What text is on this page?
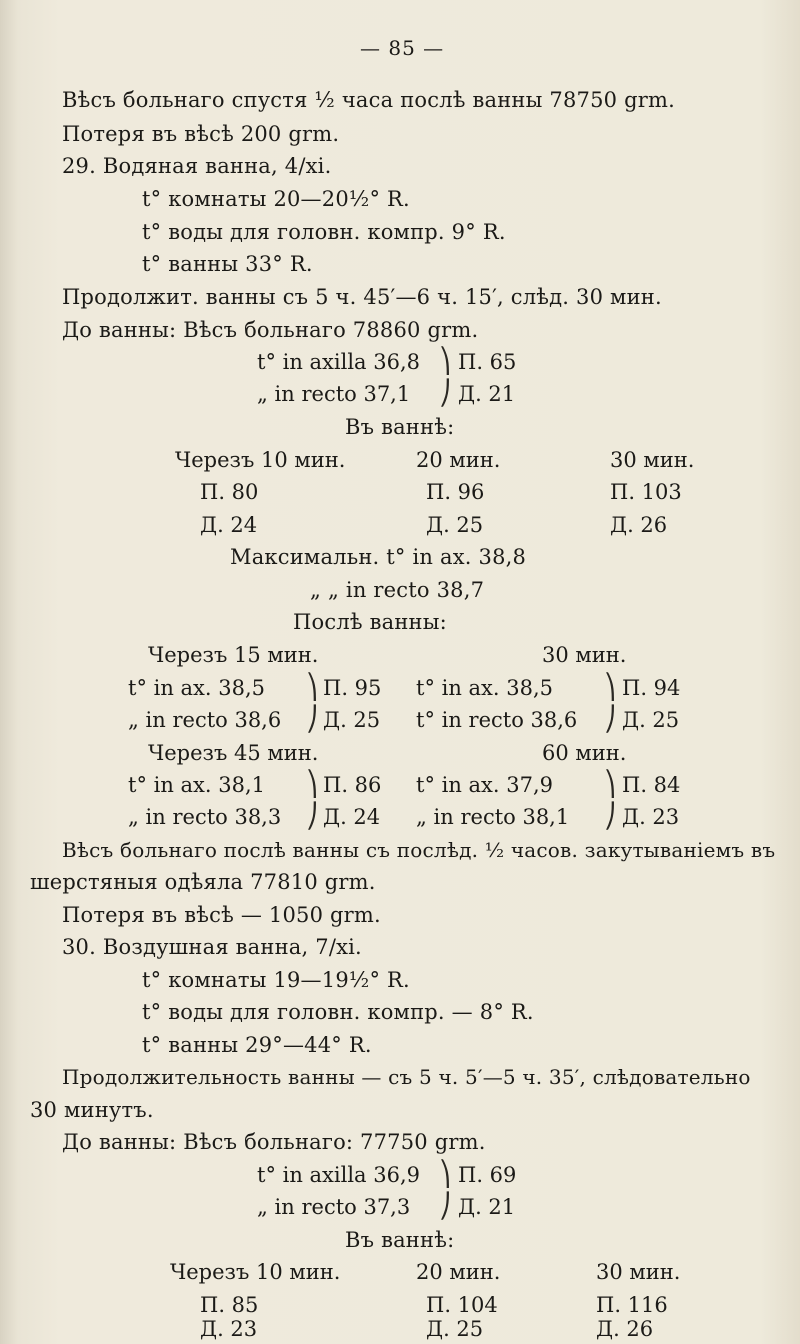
— 85 —
Вѣсъ больнаго спустя ½ часа послѣ ванны 78750 grm.
Потеря въ вѣсѣ 200 grm.
29. Водяная ванна, 4/xi.
t° комнаты 20—20½° R.
t° воды для головн. компр. 9° R.
t° ванны 33° R.
Продолжит. ванны съ 5 ч. 45′—6 ч. 15′, слѣд. 30 мин.
До ванны: Вѣсъ больнаго 78860 grm.
t° in axilla 36,8 ⎞ П. 65
„ in recto 37,1 ⎠ Д. 21
Въ ваннѣ:
Черезъ 10 мин.	20 мин.	30 мин.
П. 80	П. 96	П. 103
Д. 24	Д. 25	Д. 26
Максимальн. t° in ax. 38,8
„ „ in recto 38,7
Послѣ ванны:
Черезъ 15 мин.	30 мин.
t° in ax. 38,5 ⎞ П. 95 t° in ax. 38,5 ⎞ П. 94
„ in recto 38,6 ⎠ Д. 25 t° in recto 38,6 ⎠ Д. 25
Черезъ 45 мин.	60 мин.
t° in ax. 38,1 ⎞ П. 86 t° in ax. 37,9 ⎞ П. 84
„ in recto 38,3 ⎠ Д. 24 „ in recto 38,1 ⎠ Д. 23
Вѣсъ больнаго послѣ ванны съ послѣд. ½ часов. закутываніемъ въ
шерстяныя одѣяла 77810 grm.
Потеря въ вѣсѣ — 1050 grm.
30. Воздушная ванна, 7/xi.
t° комнаты 19—19½° R.
t° воды для головн. компр. — 8° R.
t° ванны 29°—44° R.
Продолжительность ванны — съ 5 ч. 5′—5 ч. 35′, слѣдовательно
30 минутъ.
До ванны: Вѣсъ больнаго: 77750 grm.
t° in axilla 36,9 ⎞ П. 69
„ in recto 37,3 ⎠ Д. 21
Въ ваннѣ:
Черезъ 10 мин.	20 мин.	30 мин.
П. 85	П. 104	П. 116
Д. 23	Д. 25	Д. 26
